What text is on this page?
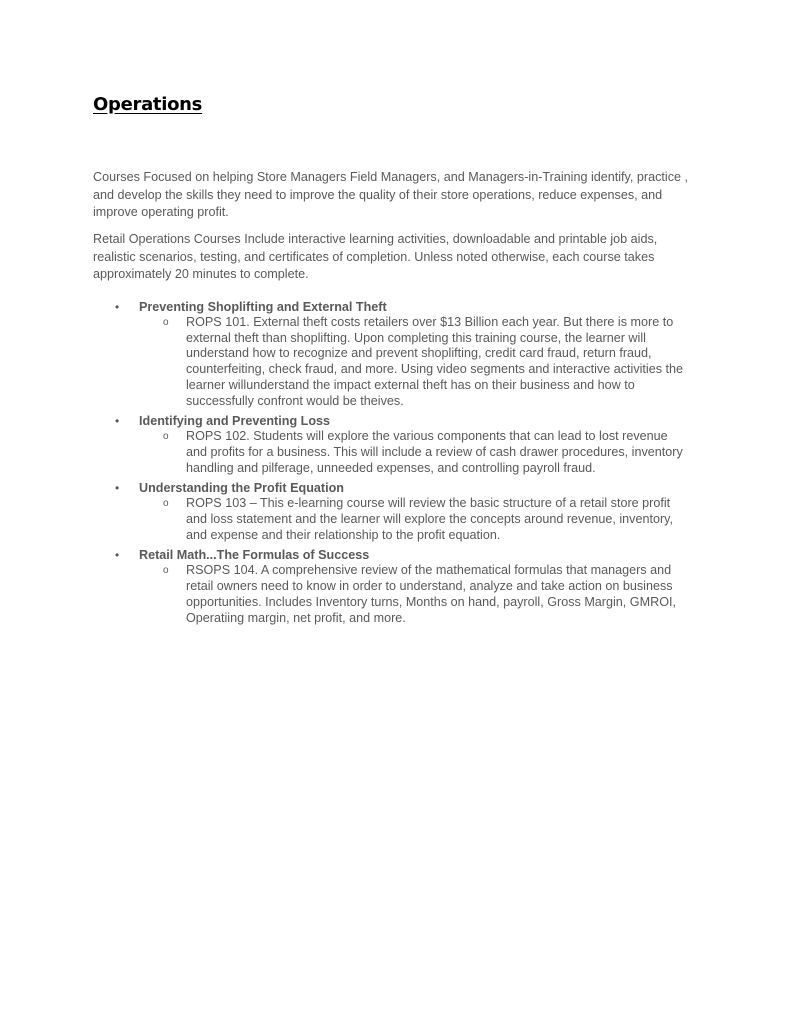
Operations

Courses Focused on helping Store Managers Field Managers, and Managers-in-Training identify, practice , and develop the skills they need to improve the quality of their store operations, reduce expenses, and improve operating profit.

Retail Operations Courses Include interactive learning activities, downloadable and printable job aids, realistic scenarios, testing, and certificates of completion. Unless noted otherwise, each course takes approximately 20 minutes to complete.

• Preventing Shoplifting and External Theft
o ROPS 101. External theft costs retailers over $13 Billion each year. But there is more to external theft than shoplifting. Upon completing this training course, the learner will understand how to recognize and prevent shoplifting, credit card fraud, return fraud, counterfeiting, check fraud, and more. Using video segments and interactive activities the learner willunderstand the impact external theft has on their business and how to successfully confront would be theives.
• Identifying and Preventing Loss
o ROPS 102. Students will explore the various components that can lead to lost revenue and profits for a business. This will include a review of cash drawer procedures, inventory handling and pilferage, unneeded expenses, and controlling payroll fraud.
• Understanding the Profit Equation
o ROPS 103 – This e-learning course will review the basic structure of a retail store profit and loss statement and the learner will explore the concepts around revenue, inventory, and expense and their relationship to the profit equation.
• Retail Math...The Formulas of Success
o RSOPS 104. A comprehensive review of the mathematical formulas that managers and retail owners need to know in order to understand, analyze and take action on business opportunities. Includes Inventory turns, Months on hand, payroll, Gross Margin, GMROI, Operatiing margin, net profit, and more.
